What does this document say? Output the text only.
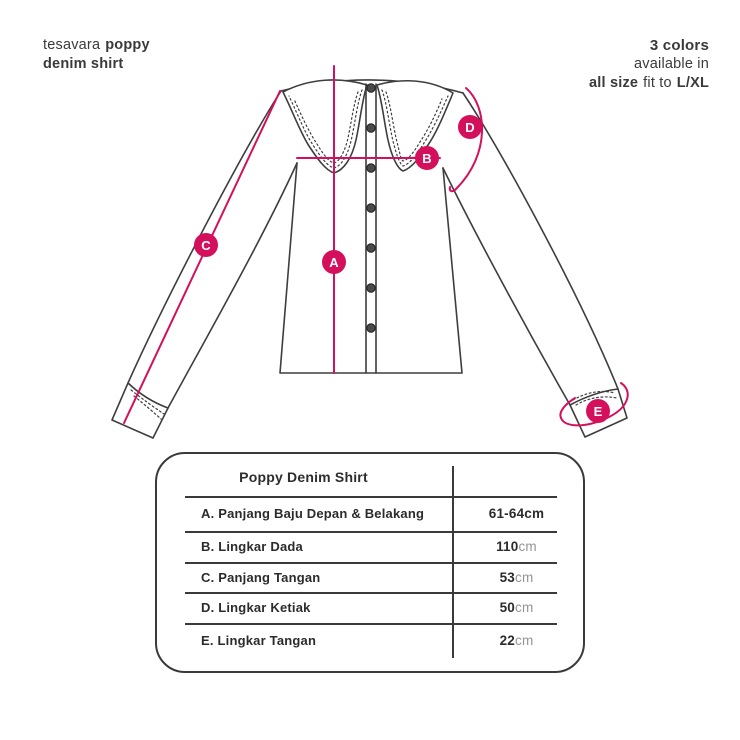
tesavara poppy
denim shirt
3 colors
available in
all size fit to L/XL
A
B
C
D
E
Poppy Denim Shirt
A. Panjang Baju Depan & Belakang	61-64cm
B. Lingkar Dada	110cm
C. Panjang Tangan	53cm
D. Lingkar Ketiak	50cm
E. Lingkar Tangan	22cm
